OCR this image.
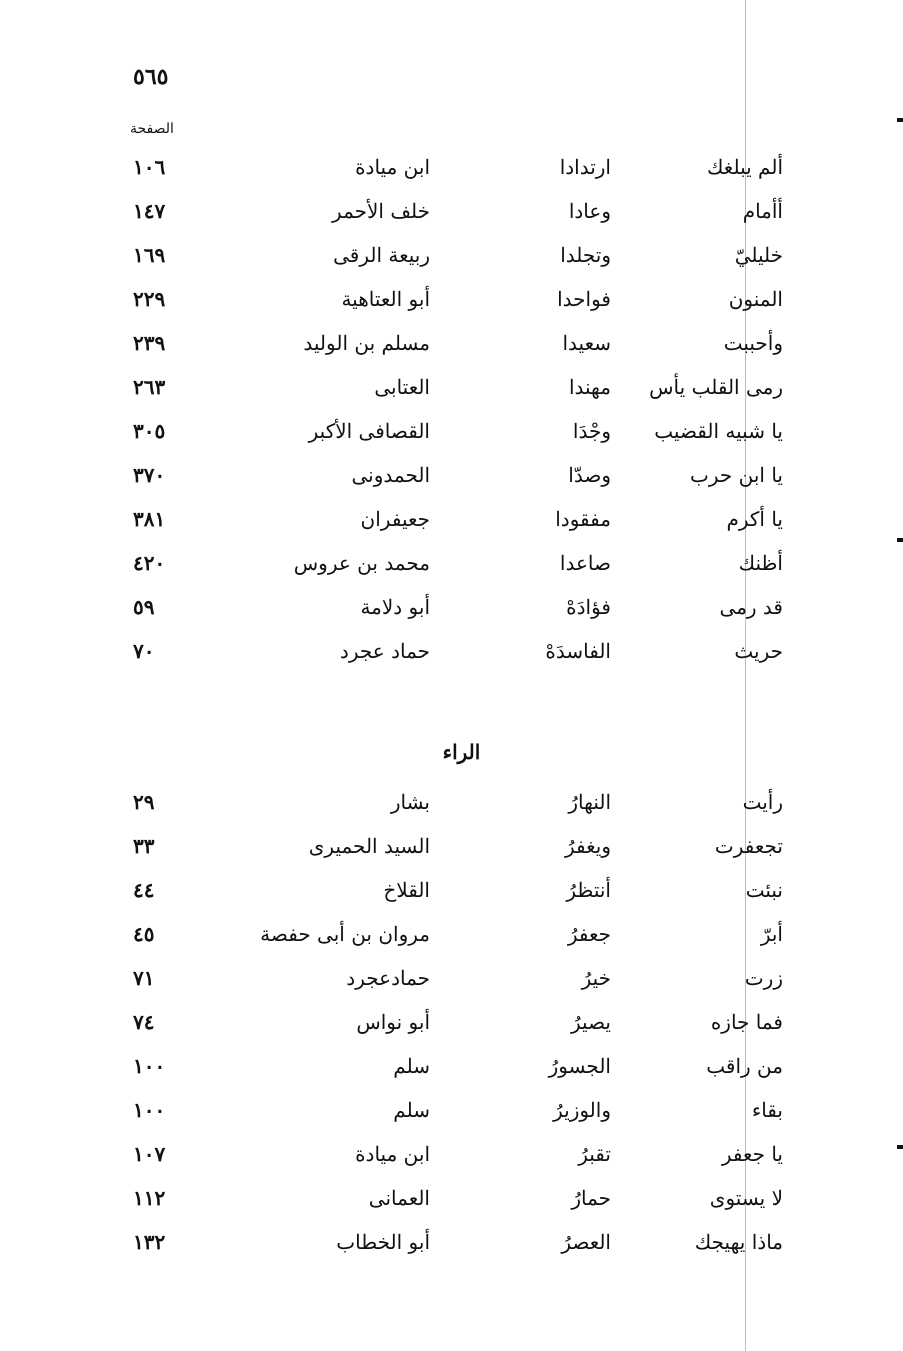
٥٦٥
الصفحة
ألم يبلغك
ارتدادا
ابن ميادة
١٠٦
أأمام
وعادا
خلف الأحمر
١٤٧
خليليّ
وتجلدا
ربيعة الرقى
١٦٩
المنون
فواحدا
أبو العتاهية
٢٢٩
وأحببت
سعيدا
مسلم بن الوليد
٢٣٩
رمى القلب يأس
مهندا
العتابى
٢٦٣
يا شبيه القضيب
وجْدَا
القصافى الأكبر
٣٠٥
يا ابن حرب
وصدّا
الحمدونى
٣٧٠
يا أكرم
مفقودا
جعيفران
٣٨١
أظنك
صاعدا
محمد بن عروس
٤٢٠
قد رمى
فؤادَهْ
أبو دلامة
٥٩
حريث
الفاسدَهْ
حماد عجرد
٧٠
الراء
رأيت
النهارُ
بشار
٢٩
تجعفرت
ويغفرُ
السيد الحميرى
٣٣
نبئت
أنتظرُ
القلاخ
٤٤
أبرّ
جعفرُ
مروان بن أبى حفصة
٤٥
زرت
خيرُ
حمادعجرد
٧١
فما جازه
يصيرُ
أبو نواس
٧٤
من راقب
الجسورُ
سلم
١٠٠
بقاء
والوزيرُ
سلم
١٠٠
يا جعفر
تقبرُ
ابن ميادة
١٠٧
لا يستوى
حمارُ
العمانى
١١٢
ماذا يهيجك
العصرُ
أبو الخطاب
١٣٢
